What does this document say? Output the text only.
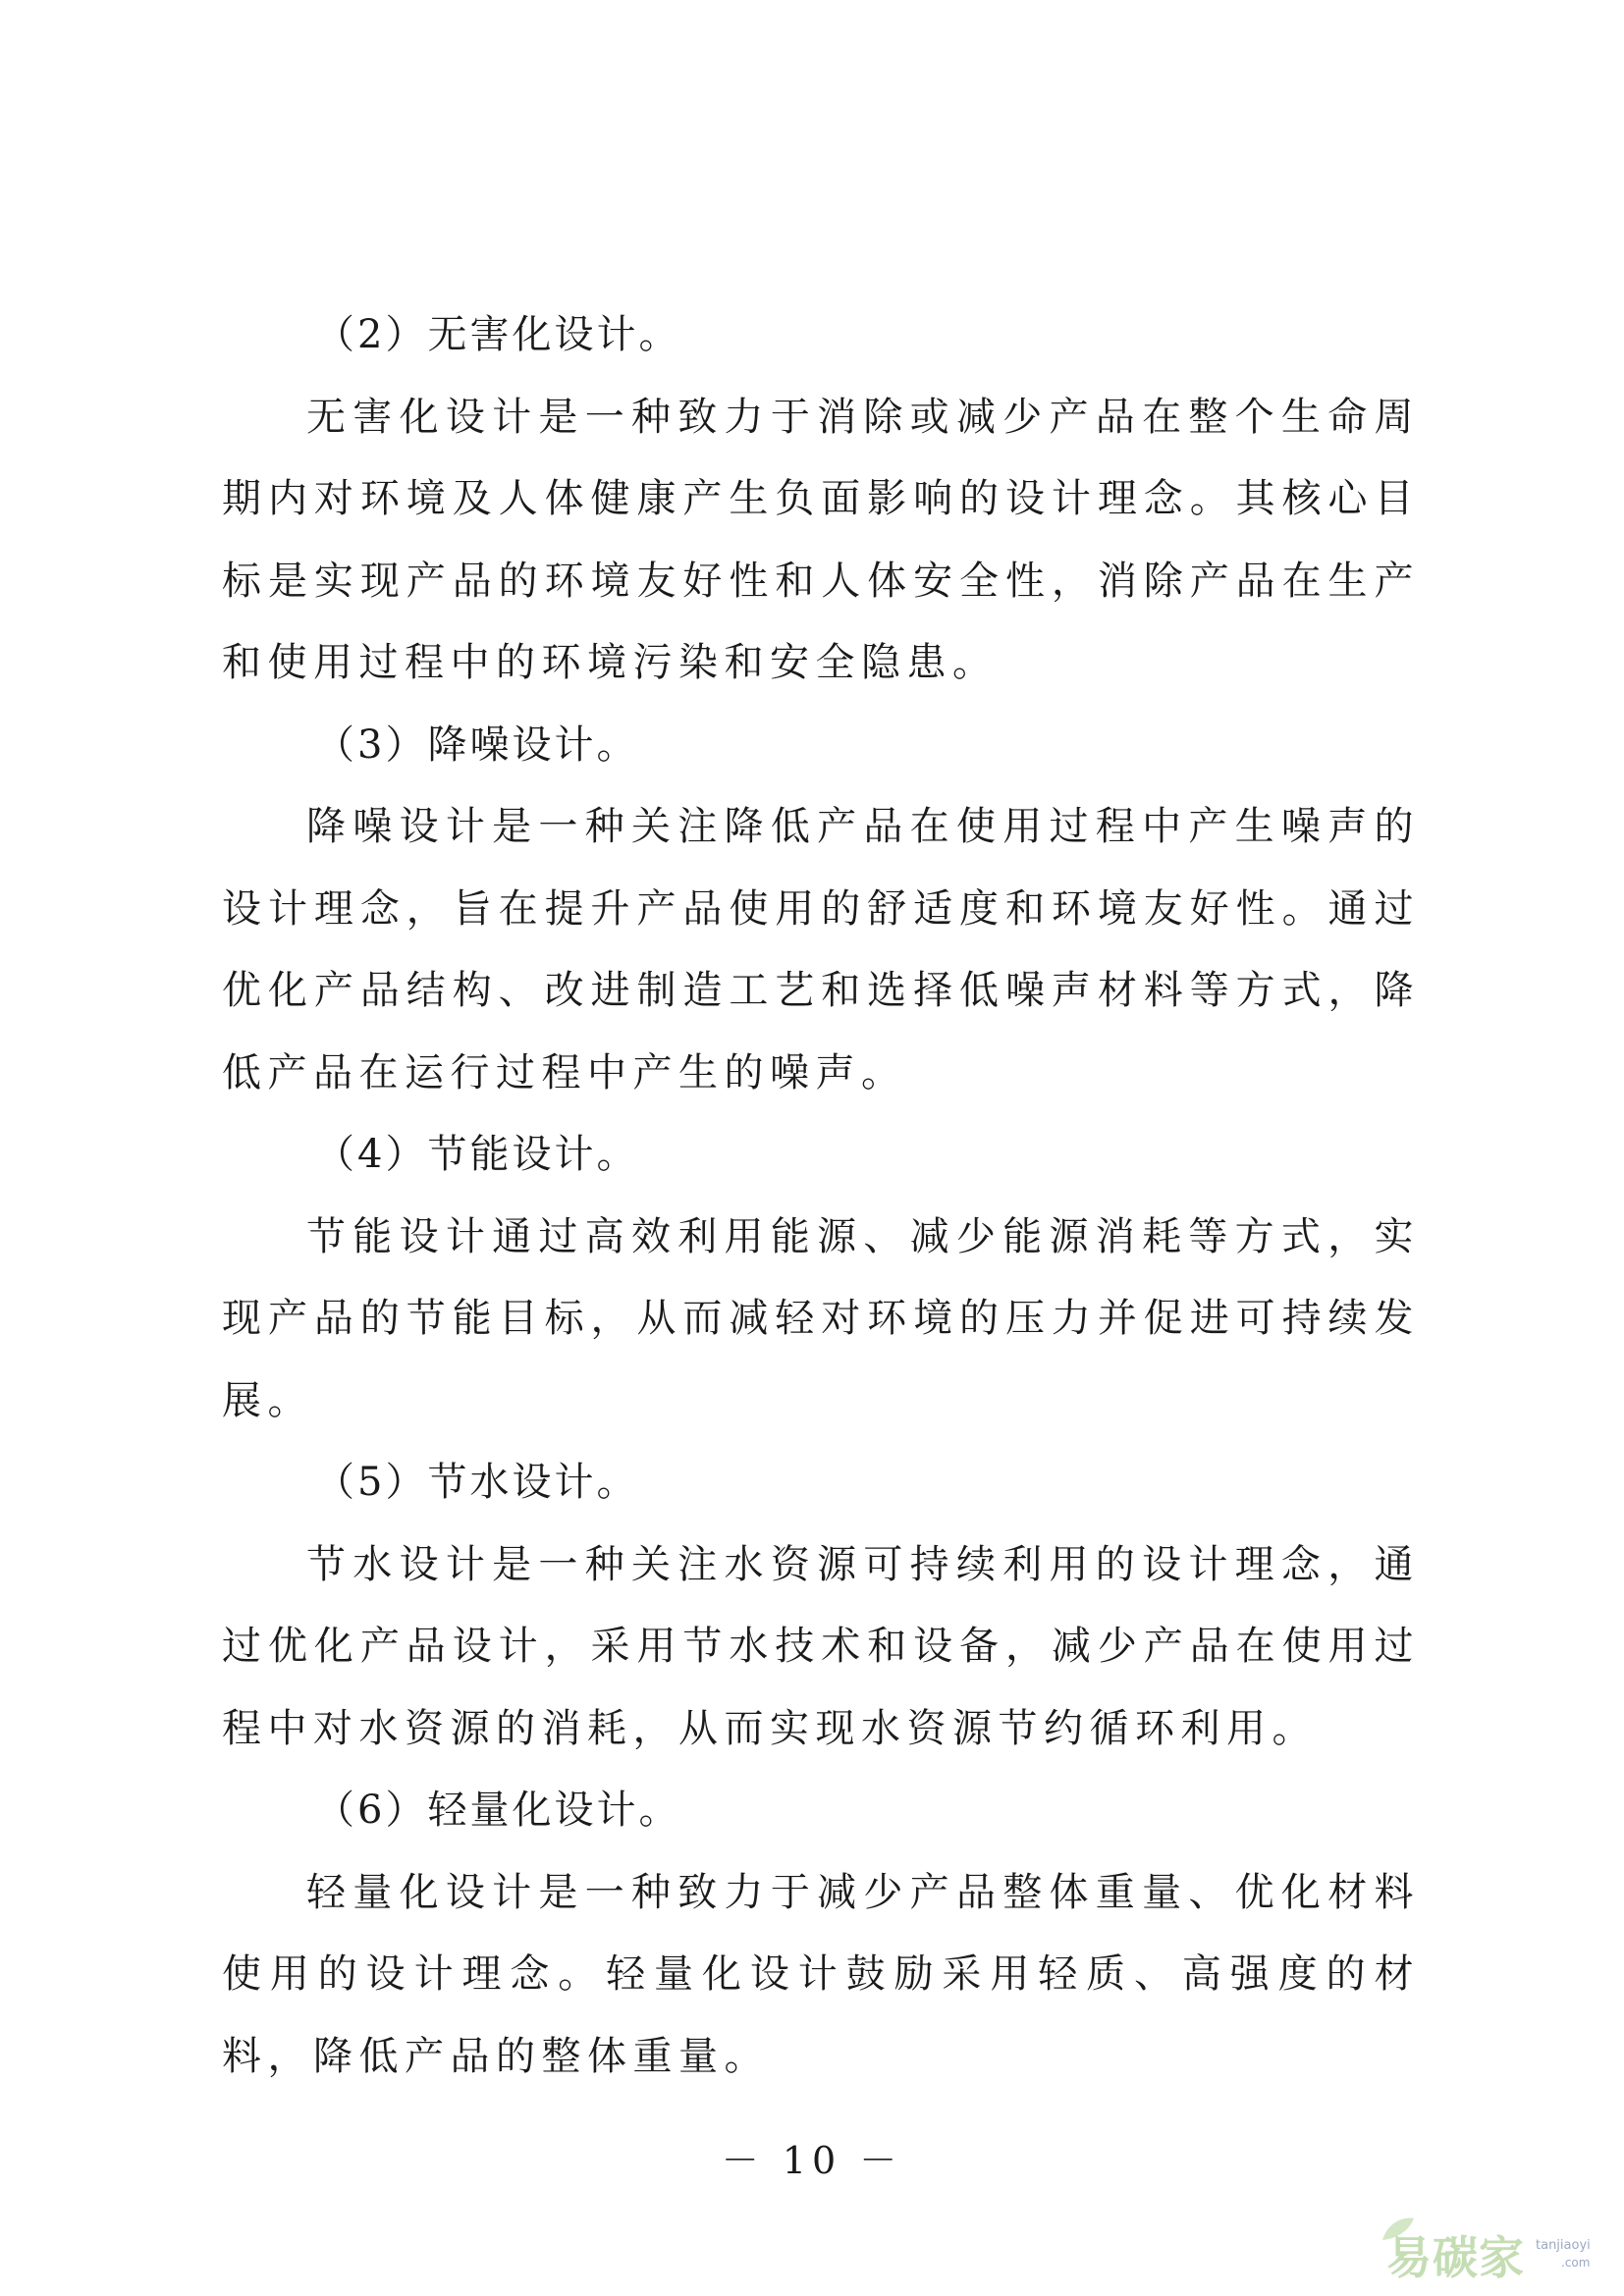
（2）无害化设计。

无害化设计是一种致力于消除或减少产品在整个生命周期内对环境及人体健康产生负面影响的设计理念。其核心目标是实现产品的环境友好性和人体安全性，消除产品在生产和使用过程中的环境污染和安全隐患。

（3）降噪设计。

降噪设计是一种关注降低产品在使用过程中产生噪声的设计理念，旨在提升产品使用的舒适度和环境友好性。通过优化产品结构、改进制造工艺和选择低噪声材料等方式，降低产品在运行过程中产生的噪声。

（4）节能设计。

节能设计通过高效利用能源、减少能源消耗等方式，实现产品的节能目标，从而减轻对环境的压力并促进可持续发展。

（5）节水设计。

节水设计是一种关注水资源可持续利用的设计理念，通过优化产品设计，采用节水技术和设备，减少产品在使用过程中对水资源的消耗，从而实现水资源节约循环利用。

（6）轻量化设计。

轻量化设计是一种致力于减少产品整体重量、优化材料使用的设计理念。轻量化设计鼓励采用轻质、高强度的材料，降低产品的整体重量。

－ 10 －
易碳家 tanjiaoyi
.com
